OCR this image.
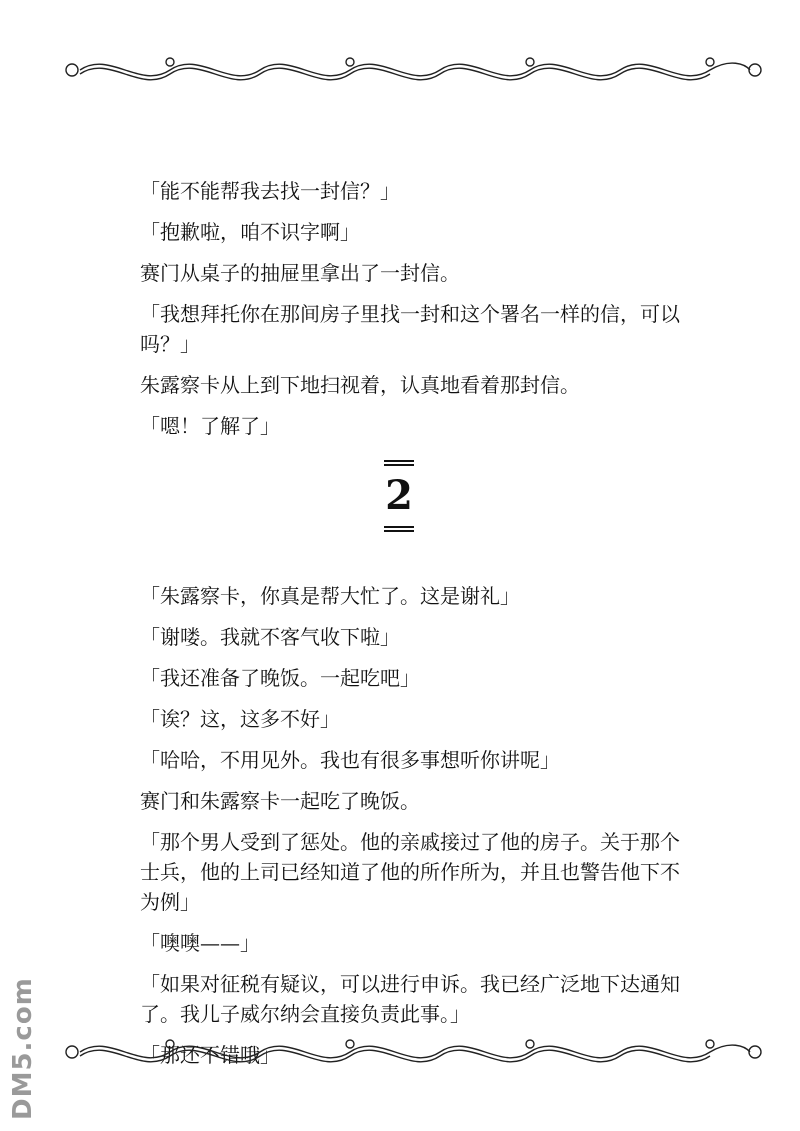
「能不能帮我去找一封信？」

「抱歉啦，咱不识字啊」

赛门从桌子的抽屉里拿出了一封信。

「我想拜托你在那间房子里找一封和这个署名一样的信，可以吗？」

朱露察卡从上到下地扫视着，认真地看着那封信。

「嗯！了解了」

2

「朱露察卡，你真是帮大忙了。这是谢礼」

「谢喽。我就不客气收下啦」

「我还准备了晚饭。一起吃吧」

「诶？这，这多不好」

「哈哈，不用见外。我也有很多事想听你讲呢」

赛门和朱露察卡一起吃了晚饭。

「那个男人受到了惩处。他的亲戚接过了他的房子。关于那个士兵，他的上司已经知道了他的所作所为，并且也警告他下不为例」

「噢噢——」

「如果对征税有疑议，可以进行申诉。我已经广泛地下达通知了。我儿子威尔纳会直接负责此事。」

「那还不错哦」

DM5.com
